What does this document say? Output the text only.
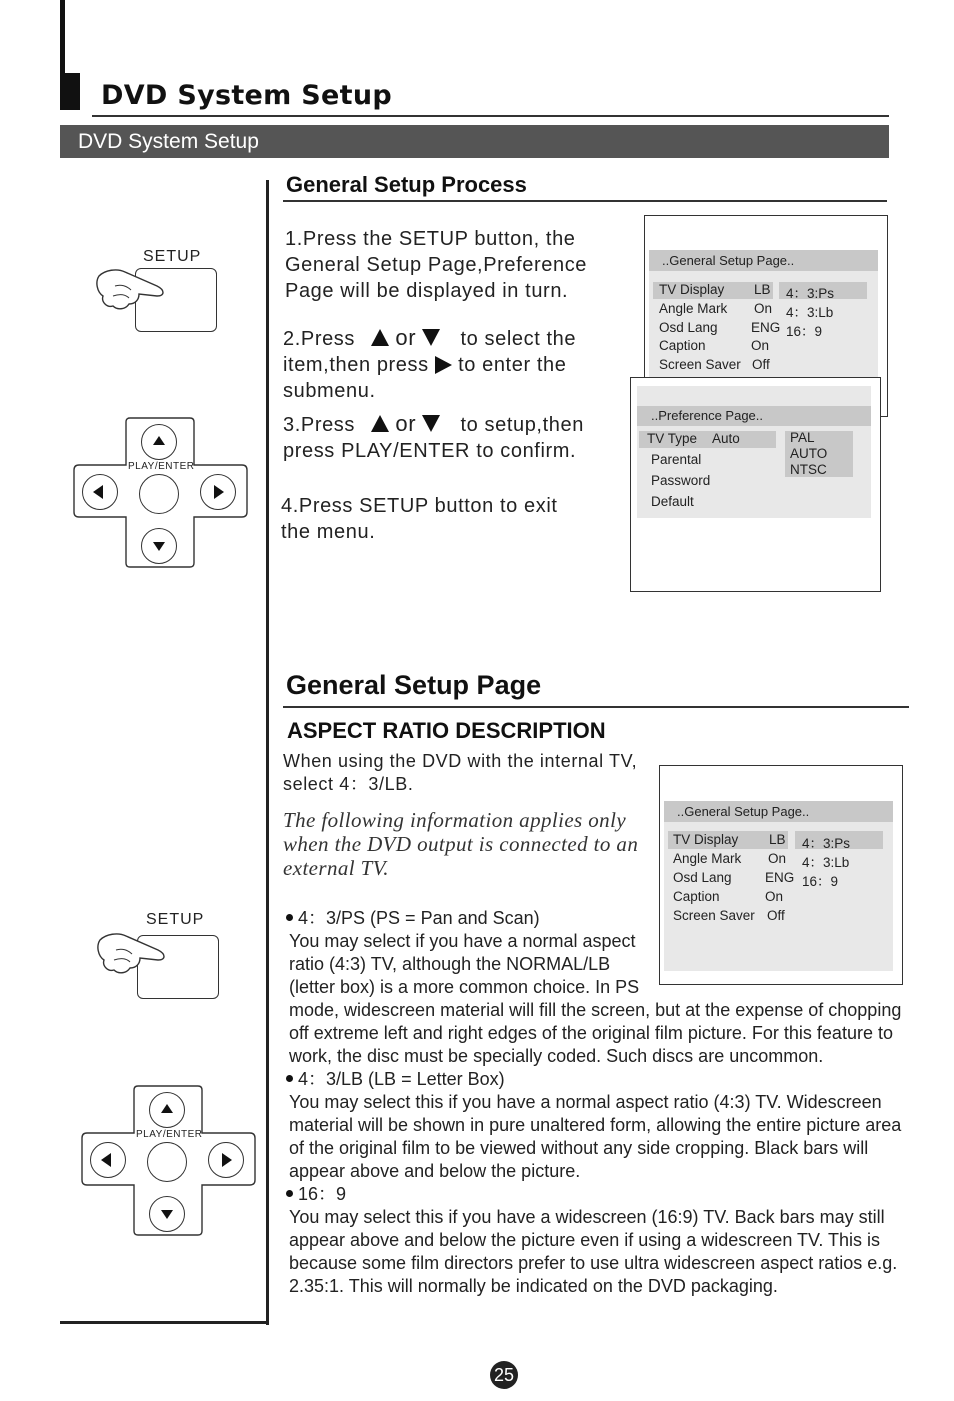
DVD System Setup
DVD System Setup
SETUP
PLAY/ENTER
General Setup Process
1.Press the SETUP button, the
General Setup Page,Preference
Page will be displayed in turn.
2.Press or to select the
item,then press to enter the
submenu.
3.Press or to setup,then
press PLAY/ENTER to confirm.
4.Press SETUP button to exit
the menu.
..General Setup Page..
TV Display
Angle Mark
Osd Lang
Caption
Screen Saver
LB
On
ENG
On
Off
4：3:Ps
4：3:Lb
16：9
..Preference Page..
TV Type Auto
Parental
Password
Default
PAL
AUTO
NTSC
General Setup Page
ASPECT RATIO DESCRIPTION
When using the DVD with the internal TV,
select 4：3/LB.
The following information applies only
when the DVD output is connected to an
external TV.
..General Setup Page..
TV Display
Angle Mark
Osd Lang
Caption
Screen Saver
LB
On
ENG
On
Off
4：3:Ps
4：3:Lb
16：9
4：3/PS (PS = Pan and Scan)
You may select if you have a normal aspect
ratio (4:3) TV, although the NORMAL/LB
(letter box) is a more common choice. In PS
mode, widescreen material will fill the screen, but at the expense of chopping
off extreme left and right edges of the original film picture. For this feature to
work, the disc must be specially coded. Such discs are uncommon.
4：3/LB (LB = Letter Box)
You may select this if you have a normal aspect ratio (4:3) TV. Widescreen
material will be shown in pure unaltered form, allowing the entire picture area
of the original film to be viewed without any side cropping. Black bars will
appear above and below the picture.
16：9
You may select this if you have a widescreen (16:9) TV. Back bars may still
appear above and below the picture even if using a widescreen TV. This is
because some film directors prefer to use ultra widescreen aspect ratios e.g.
2.35:1. This will normally be indicated on the DVD packaging.
SETUP
PLAY/ENTER
25
